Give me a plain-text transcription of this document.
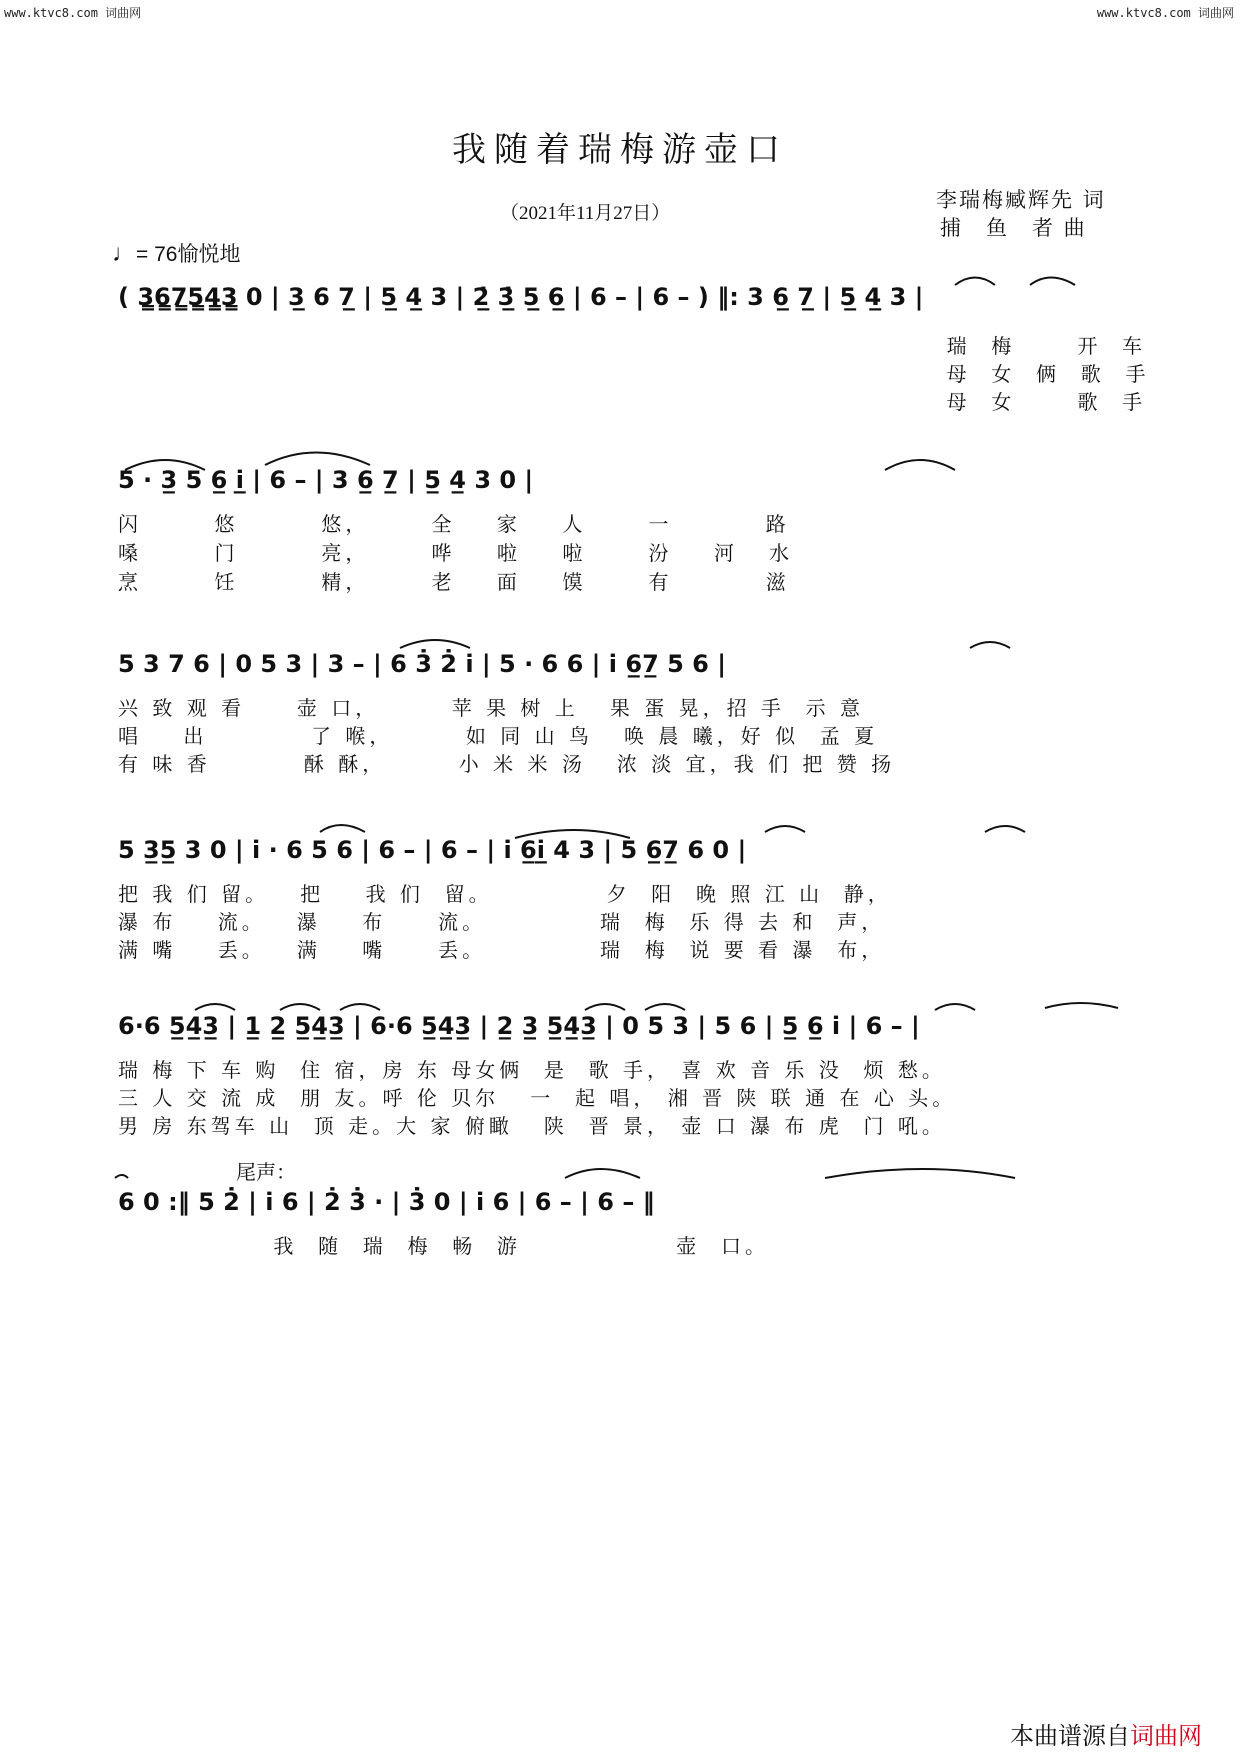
www.ktvc8.com 词曲网	www.ktvc8.com 词曲网
我随着瑞梅游壶口
（2021年11月27日）
李瑞梅臧辉先 词
捕　鱼　者 曲
♩= 76愉悦地
( 3̳6̳7̳5̳4̳3̳ 0 | 3̲ 6 7̲ | 5̲ 4̲ 3 | 2̲̇ 3̲̇ 5̲ 6̲ | 6 – | 6 – ) ‖: 3 6̲ 7̲ | 5̲ 4̲ 3 |
瑞  梅      开  车
母  女  俩  歌  手
母  女      歌  手
5 · 3̲ 5 6̲ i̲̇ | 6 – | 3 6̲ 7̲ | 5̲ 4̲ 3 0 |
闪       悠        悠，      全    家    人      一         路
嗓       门        亮，      哗    啦    啦      汾    河   水
烹       饪        精，      老    面    馍      有         滋
5 3 7 6 | 0 5 3 | 3 – | 6 3̇ 2̇ i̇ | 5 · 6 6 | i̇ 6̲7̲ 5 6 |
兴 致 观 看     壶 口，       苹 果 树 上   果 蛋 晃，招 手  示 意
唱    出          了 喉，       如 同 山 鸟   唤 晨 曦，好 似  孟 夏
有 味 香         酥 酥，       小 米 米 汤   浓 淡 宜，我 们 把 赞 扬
5 3̲5̲ 3 0 | i̇ · 6 5 6 | 6 – | 6 – | i̇ 6̲i̲̇ 4 3 | 5 6̲7̲ 6 0 |
把 我 们 留。   把    我 们  留。           夕  阳  晚 照 江 山  静，
瀑 布    流。   瀑    布     流。           瑞  梅  乐 得 去 和  声，
满 嘴    丢。   满    嘴     丢。           瑞  梅  说 要 看 瀑  布，
6·6 5̲4̲3̲ | 1̲ 2̲ 5̲4̲3̲ | 6·6 5̲4̲3̲ | 2̲ 3̲ 5̲4̲3̲ | 0 5 3 | 5 6 | 5̲ 6̲ i̇ | 6 – |
瑞 梅 下 车 购  住 宿，房 东 母女俩  是  歌 手， 喜 欢 音 乐 没  烦 愁。
三 人 交 流 成  朋 友。呼 伦 贝尔   一  起 唱， 湘 晋 陕 联 通 在 心 头。
男 房 东驾车 山  顶 走。大 家 俯瞰   陕  晋 景， 壶 口 瀑 布 虎  门 吼。
尾声：
6 0 :‖ 5 2̇ | i̇ 6 | 2̇ 3̇ · | 3̇ 0 | i̇ 6 | 6 – | 6 – ‖
我  随  瑞  梅  畅  游               壶  口。
本曲谱源自词曲网
